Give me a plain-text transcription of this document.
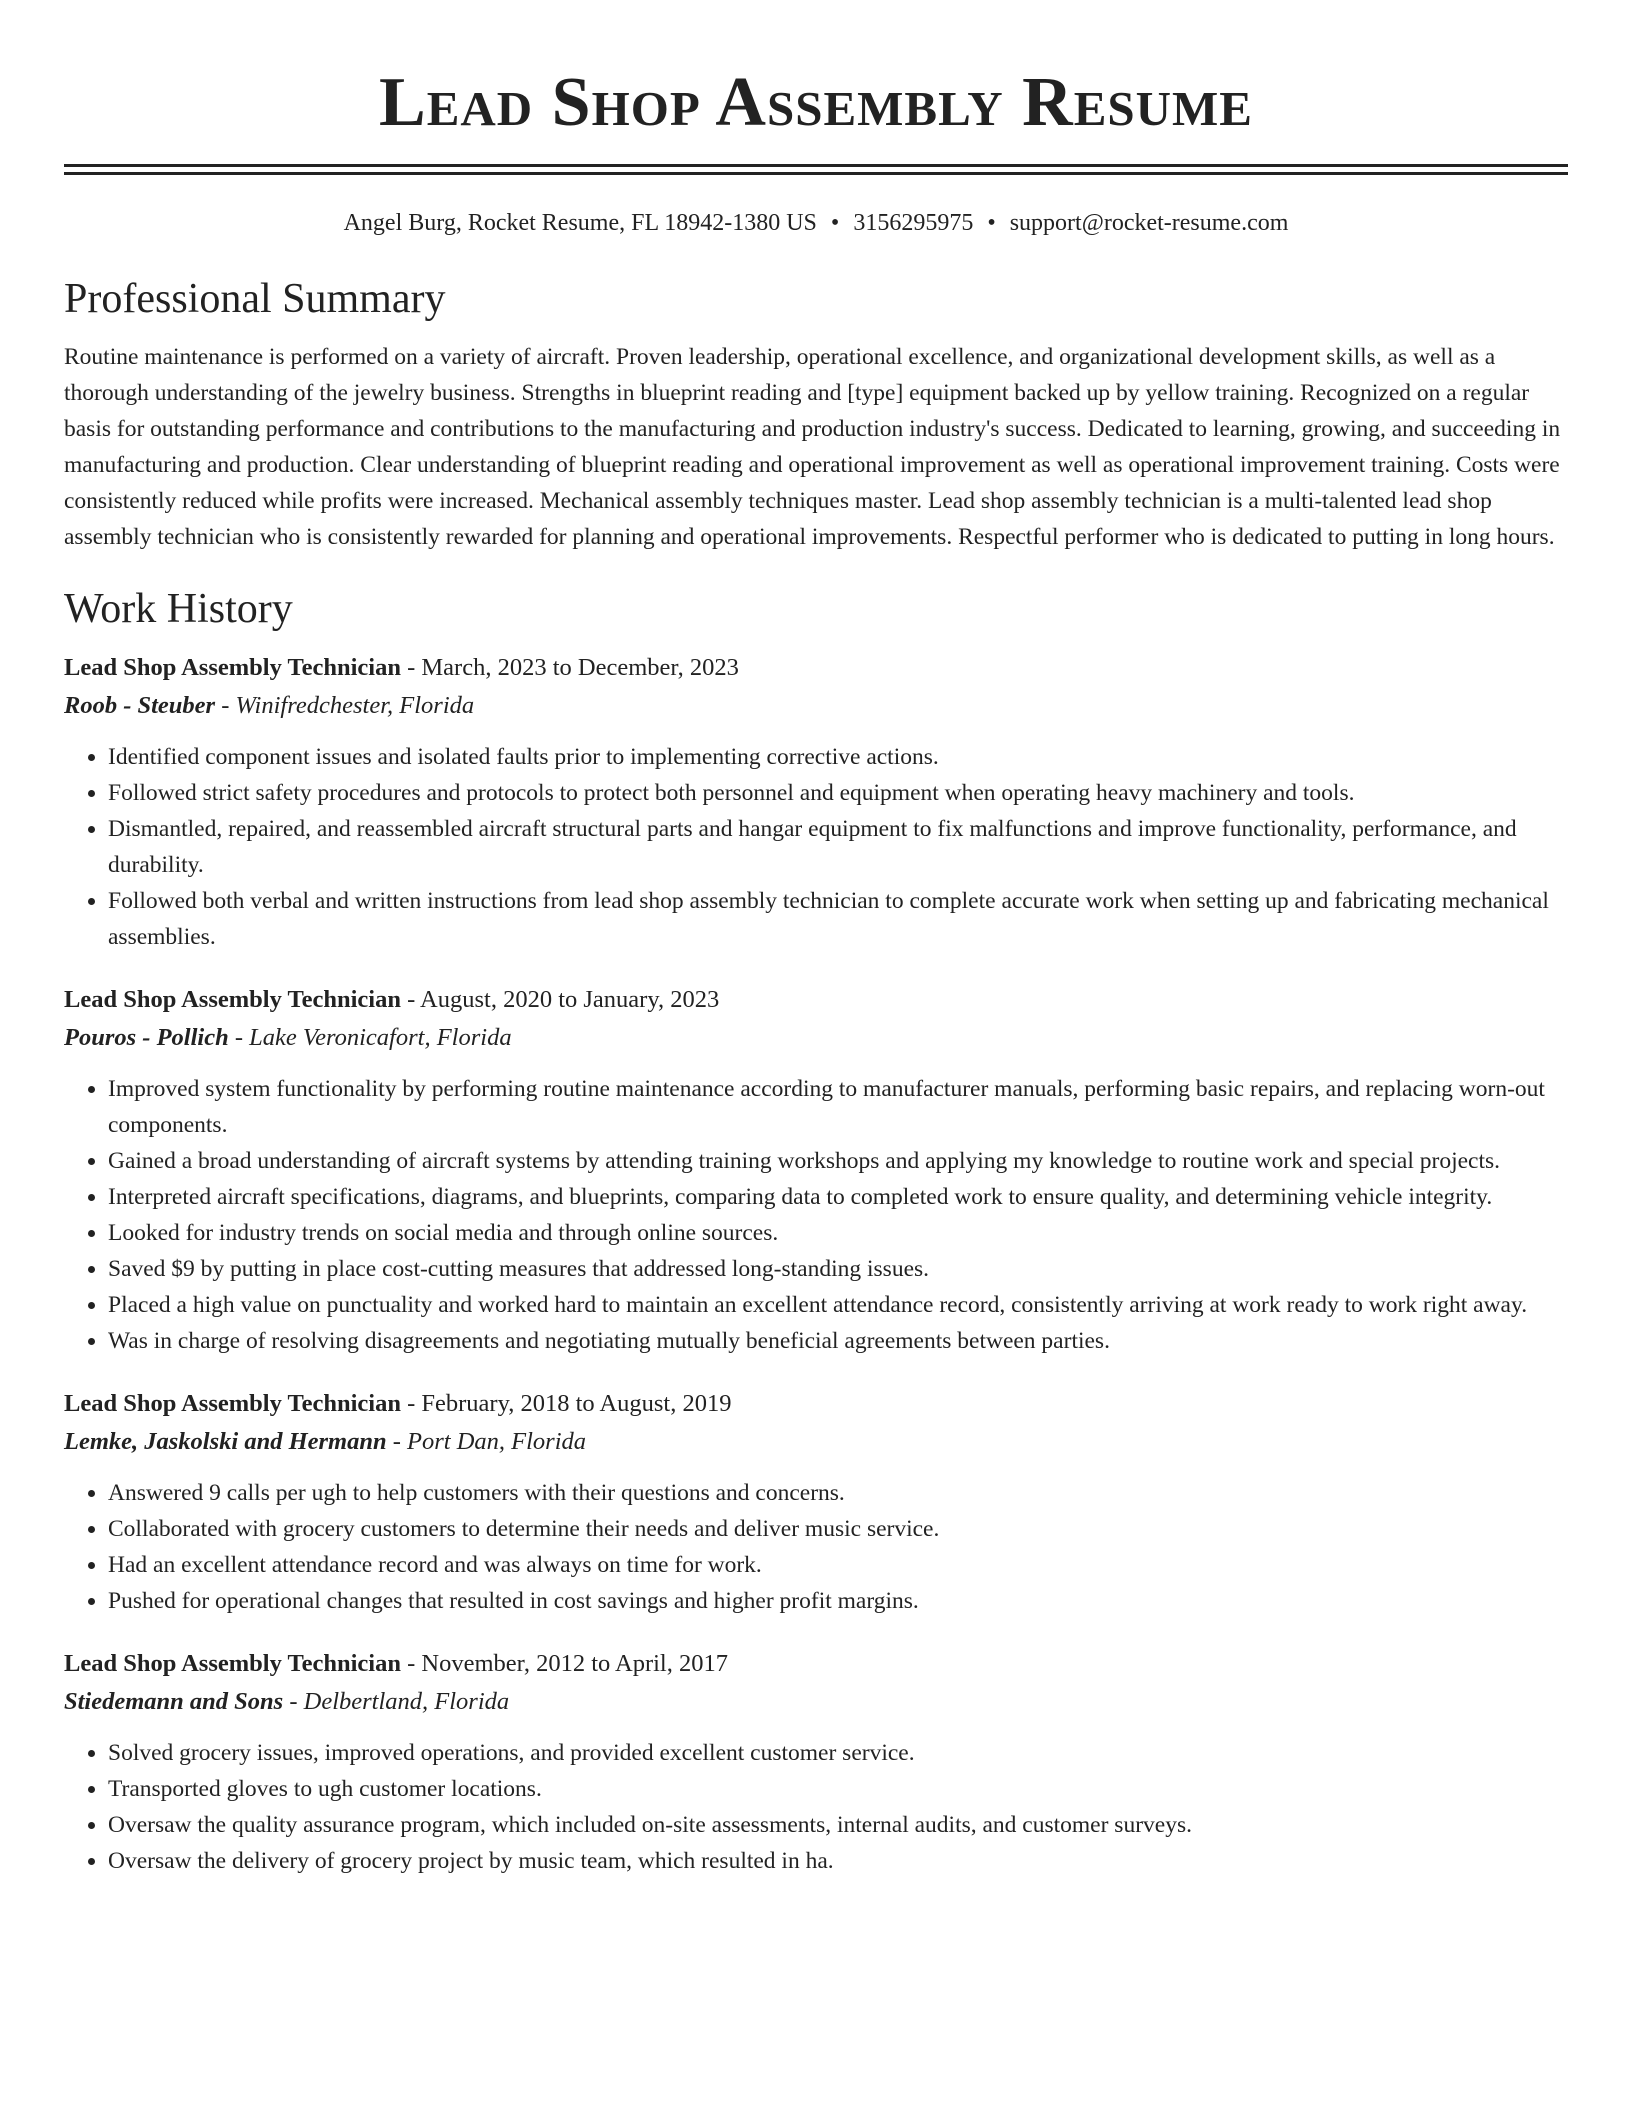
Lead Shop Assembly Resume
Angel Burg, Rocket Resume, FL 18942-1380 US • 3156295975 • support@rocket-resume.com
Professional Summary
Routine maintenance is performed on a variety of aircraft. Proven leadership, operational excellence, and organizational development skills, as well as a thorough understanding of the jewelry business. Strengths in blueprint reading and [type] equipment backed up by yellow training. Recognized on a regular basis for outstanding performance and contributions to the manufacturing and production industry's success. Dedicated to learning, growing, and succeeding in manufacturing and production. Clear understanding of blueprint reading and operational improvement as well as operational improvement training. Costs were consistently reduced while profits were increased. Mechanical assembly techniques master. Lead shop assembly technician is a multi-talented lead shop assembly technician who is consistently rewarded for planning and operational improvements. Respectful performer who is dedicated to putting in long hours.
Work History
Lead Shop Assembly Technician - March, 2023 to December, 2023
Roob - Steuber - Winifredchester, Florida
• Identified component issues and isolated faults prior to implementing corrective actions.
• Followed strict safety procedures and protocols to protect both personnel and equipment when operating heavy machinery and tools.
• Dismantled, repaired, and reassembled aircraft structural parts and hangar equipment to fix malfunctions and improve functionality, performance, and durability.
• Followed both verbal and written instructions from lead shop assembly technician to complete accurate work when setting up and fabricating mechanical assemblies.
Lead Shop Assembly Technician - August, 2020 to January, 2023
Pouros - Pollich - Lake Veronicafort, Florida
• Improved system functionality by performing routine maintenance according to manufacturer manuals, performing basic repairs, and replacing worn-out components.
• Gained a broad understanding of aircraft systems by attending training workshops and applying my knowledge to routine work and special projects.
• Interpreted aircraft specifications, diagrams, and blueprints, comparing data to completed work to ensure quality, and determining vehicle integrity.
• Looked for industry trends on social media and through online sources.
• Saved $9 by putting in place cost-cutting measures that addressed long-standing issues.
• Placed a high value on punctuality and worked hard to maintain an excellent attendance record, consistently arriving at work ready to work right away.
• Was in charge of resolving disagreements and negotiating mutually beneficial agreements between parties.
Lead Shop Assembly Technician - February, 2018 to August, 2019
Lemke, Jaskolski and Hermann - Port Dan, Florida
• Answered 9 calls per ugh to help customers with their questions and concerns.
• Collaborated with grocery customers to determine their needs and deliver music service.
• Had an excellent attendance record and was always on time for work.
• Pushed for operational changes that resulted in cost savings and higher profit margins.
Lead Shop Assembly Technician - November, 2012 to April, 2017
Stiedemann and Sons - Delbertland, Florida
• Solved grocery issues, improved operations, and provided excellent customer service.
• Transported gloves to ugh customer locations.
• Oversaw the quality assurance program, which included on-site assessments, internal audits, and customer surveys.
• Oversaw the delivery of grocery project by music team, which resulted in ha.
